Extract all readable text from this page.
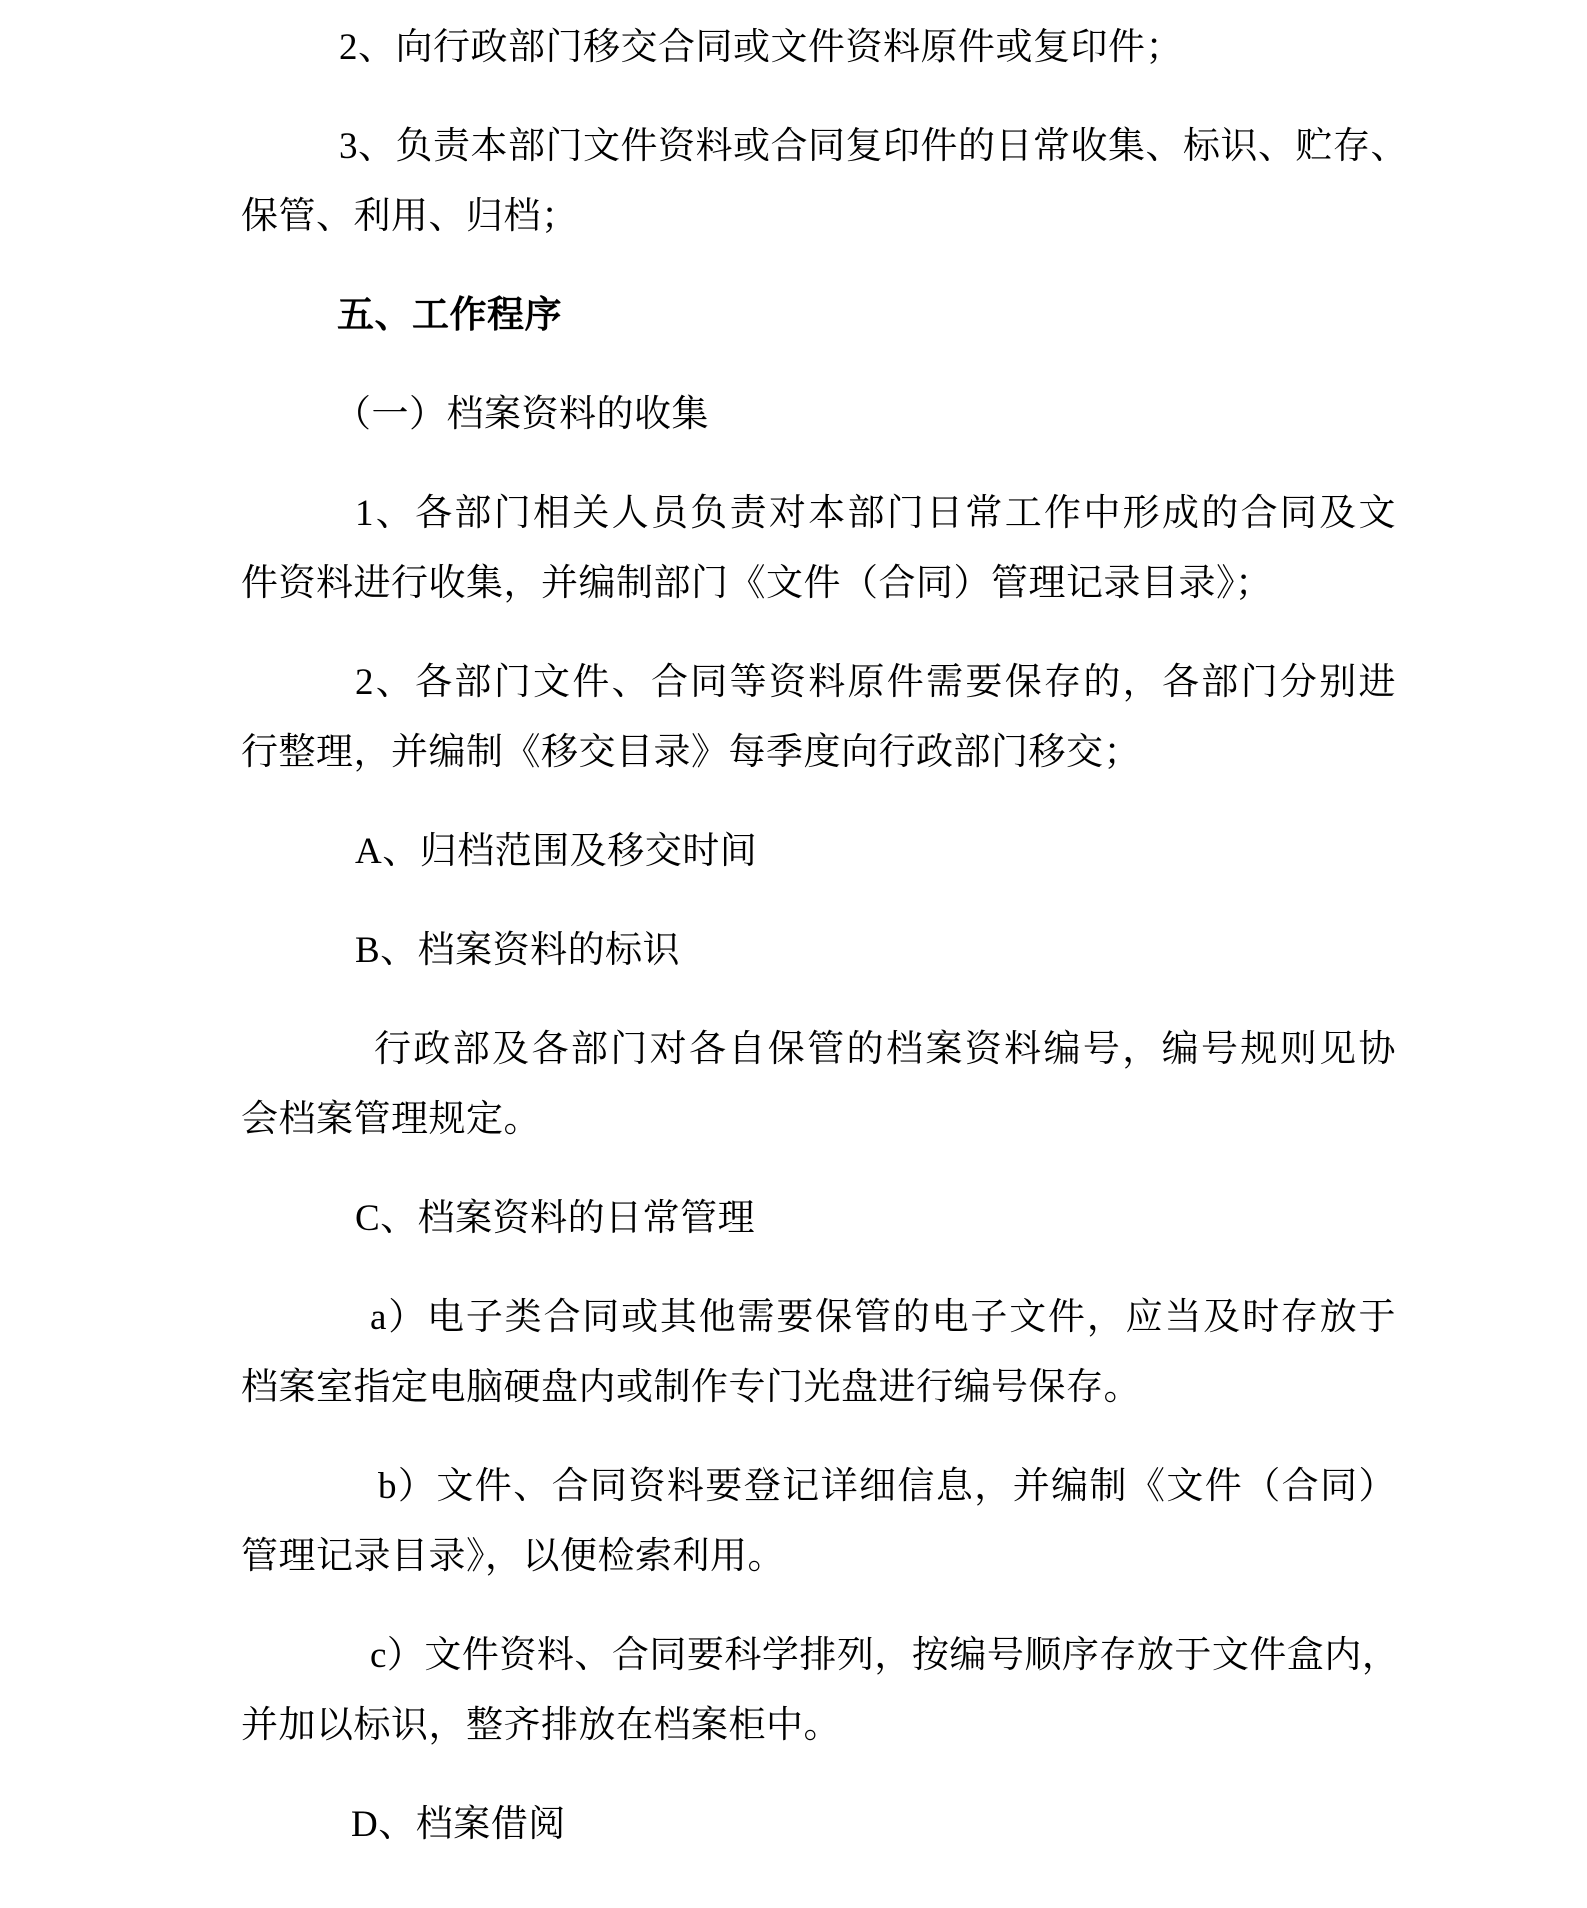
2、向行政部门移交合同或文件资料原件或复印件；
3、负责本部门文件资料或合同复印件的日常收集、标识、贮存、
保管、利用、归档；
五、工作程序
（一）档案资料的收集
1、各部门相关人员负责对本部门日常工作中形成的合同及文
件资料进行收集，并编制部门《文件（合同）管理记录目录》；
2、各部门文件、合同等资料原件需要保存的，各部门分别进
行整理，并编制《移交目录》每季度向行政部门移交；
A、归档范围及移交时间
B、档案资料的标识
行政部及各部门对各自保管的档案资料编号，编号规则见协
会档案管理规定。
C、档案资料的日常管理
a）电子类合同或其他需要保管的电子文件，应当及时存放于
档案室指定电脑硬盘内或制作专门光盘进行编号保存。
b）文件、合同资料要登记详细信息，并编制《文件（合同）
管理记录目录》，以便检索利用。
c）文件资料、合同要科学排列，按编号顺序存放于文件盒内，
并加以标识，整齐排放在档案柜中。
D、档案借阅
